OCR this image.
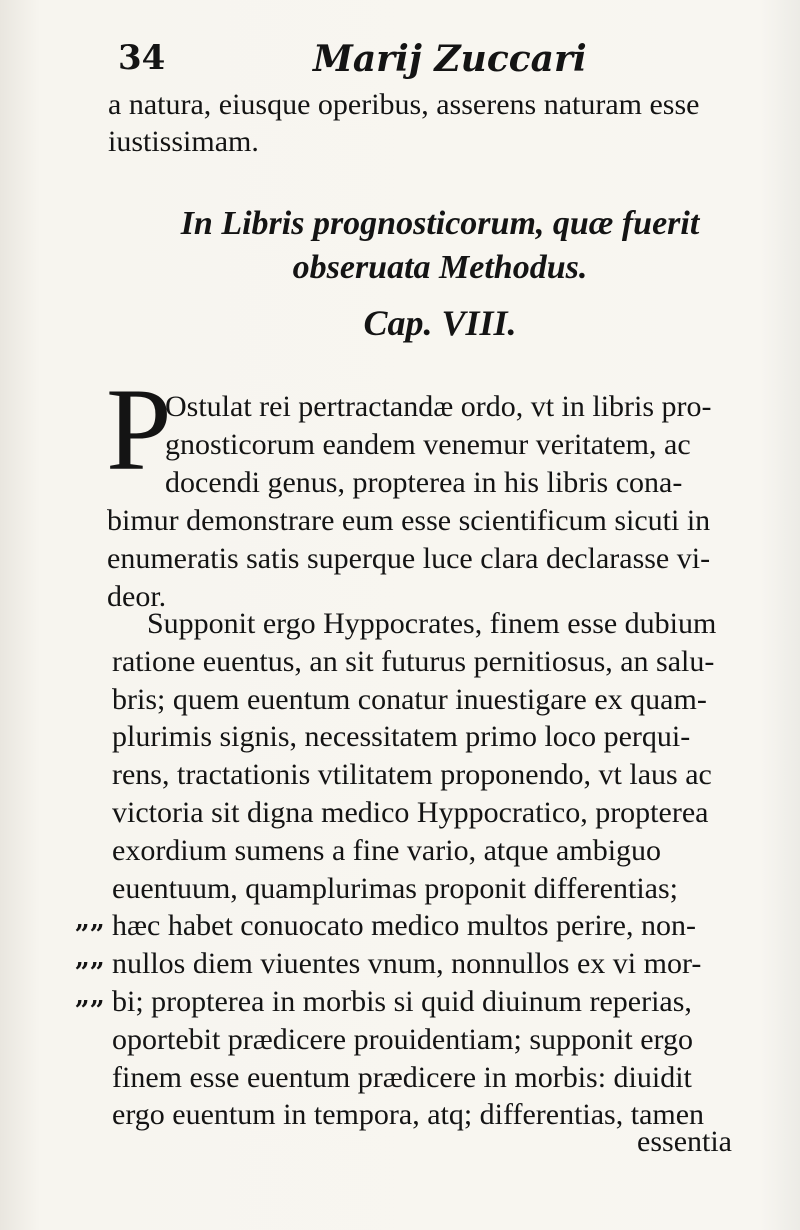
34	Marij Zuccari
a natura, eiusque operibus, asserens naturam esse
iustissimam.
In Libris prognosticorum, quæ fuerit
obseruata Methodus.
Cap. VIII.
P
Ostulat rei pertractandæ ordo, vt in libris pro-
gnosticorum eandem venemur veritatem, ac
docendi genus, propterea in his libris cona-
bimur demonstrare eum esse scientificum sicuti in
enumeratis satis superque luce clara declarasse vi-
deor.
Supponit ergo Hyppocrates, finem esse dubium
ratione euentus, an sit futurus pernitiosus, an salu-
bris; quem euentum conatur inuestigare ex quam-
plurimis signis, necessitatem primo loco perqui-
rens, tractationis vtilitatem proponendo, vt laus ac
victoria sit digna medico Hyppocratico, propterea
exordium sumens a fine vario, atque ambiguo
euentuum, quamplurimas proponit differentias;
hæc habet conuocato medico multos perire, non-
nullos diem viuentes vnum, nonnullos ex vi mor-
bi; propterea in morbis si quid diuinum reperias,
oportebit prædicere prouidentiam; supponit ergo
finem esse euentum prædicere in morbis: diuidit
ergo euentum in tempora, atq; differentias, tamen
„„
„„
„„
essentia
